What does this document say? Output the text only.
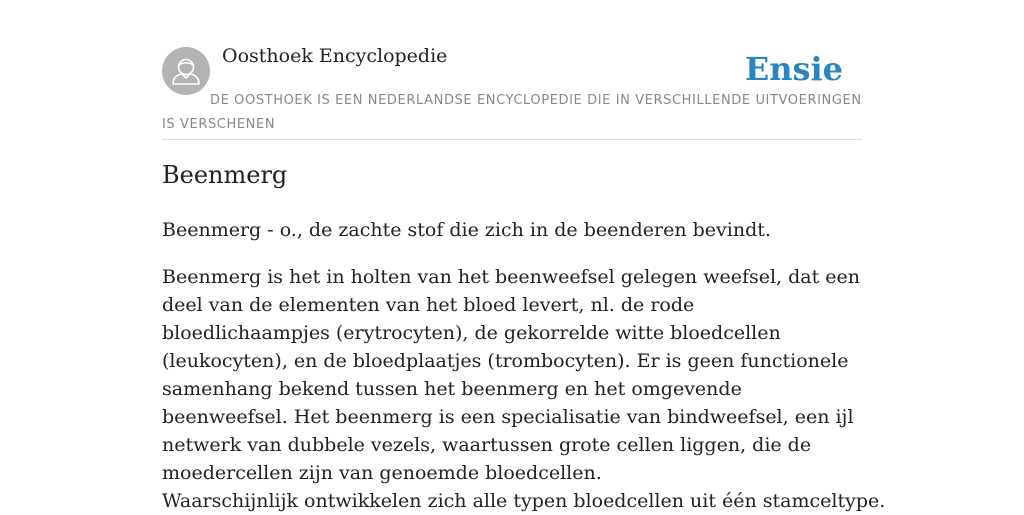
Oosthoek Encyclopedie	Ensie
DE OOSTHOEK IS EEN NEDERLANDSE ENCYCLOPEDIE DIE IN VERSCHILLENDE UITVOERINGEN IS VERSCHENEN
Beenmerg

Beenmerg - o., de zachte stof die zich in de beenderen bevindt.

Beenmerg is het in holten van het beenweefsel gelegen weefsel, dat een deel van de elementen van het bloed levert, nl. de rode bloedlichaampjes (erytrocyten), de gekorrelde witte bloedcellen (leukocyten), en de bloedplaatjes (trombocyten). Er is geen functionele samenhang bekend tussen het beenmerg en het omgevende beenweefsel. Het beenmerg is een specialisatie van bindweefsel, een ijl netwerk van dubbele vezels, waartussen grote cellen liggen, die de moedercellen zijn van genoemde bloedcellen.

Waarschijnlijk ontwikkelen zich alle typen bloedcellen uit één stamceltype.
